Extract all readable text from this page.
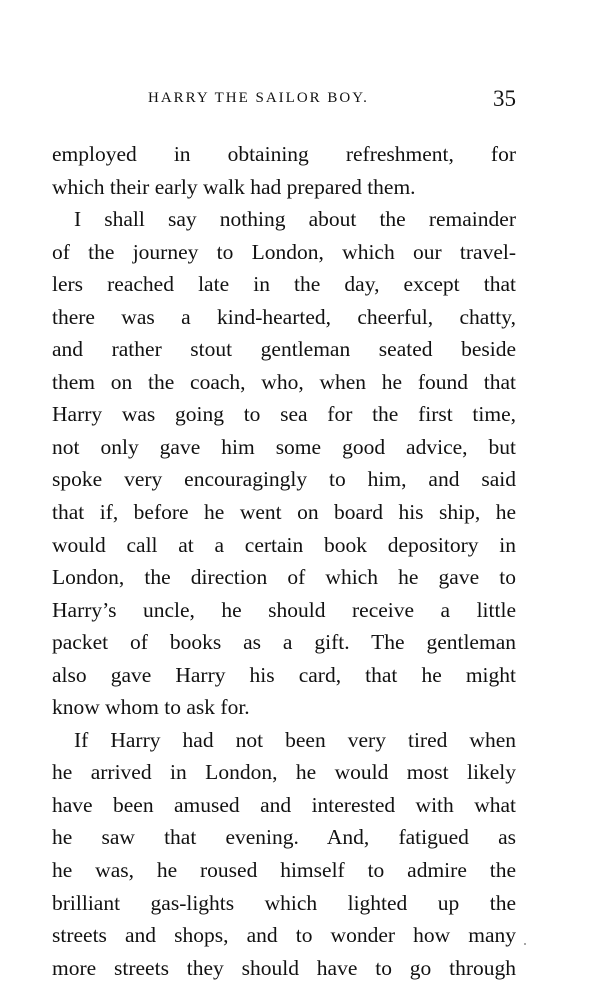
HARRY THE SAILOR BOY.	35
employed in obtaining refreshment, for
which their early walk had prepared them.
I shall say nothing about the remainder
of the journey to London, which our travel-
lers reached late in the day, except that
there was a kind-hearted, cheerful, chatty,
and rather stout gentleman seated beside
them on the coach, who, when he found that
Harry was going to sea for the first time,
not only gave him some good advice, but
spoke very encouragingly to him, and said
that if, before he went on board his ship, he
would call at a certain book depository in
London, the direction of which he gave to
Harry’s uncle, he should receive a little
packet of books as a gift. The gentleman
also gave Harry his card, that he might
know whom to ask for.
If Harry had not been very tired when
he arrived in London, he would most likely
have been amused and interested with what
he saw that evening. And, fatigued as
he was, he roused himself to admire the
brilliant gas-lights which lighted up the
streets and shops, and to wonder how many
more streets they should have to go through
